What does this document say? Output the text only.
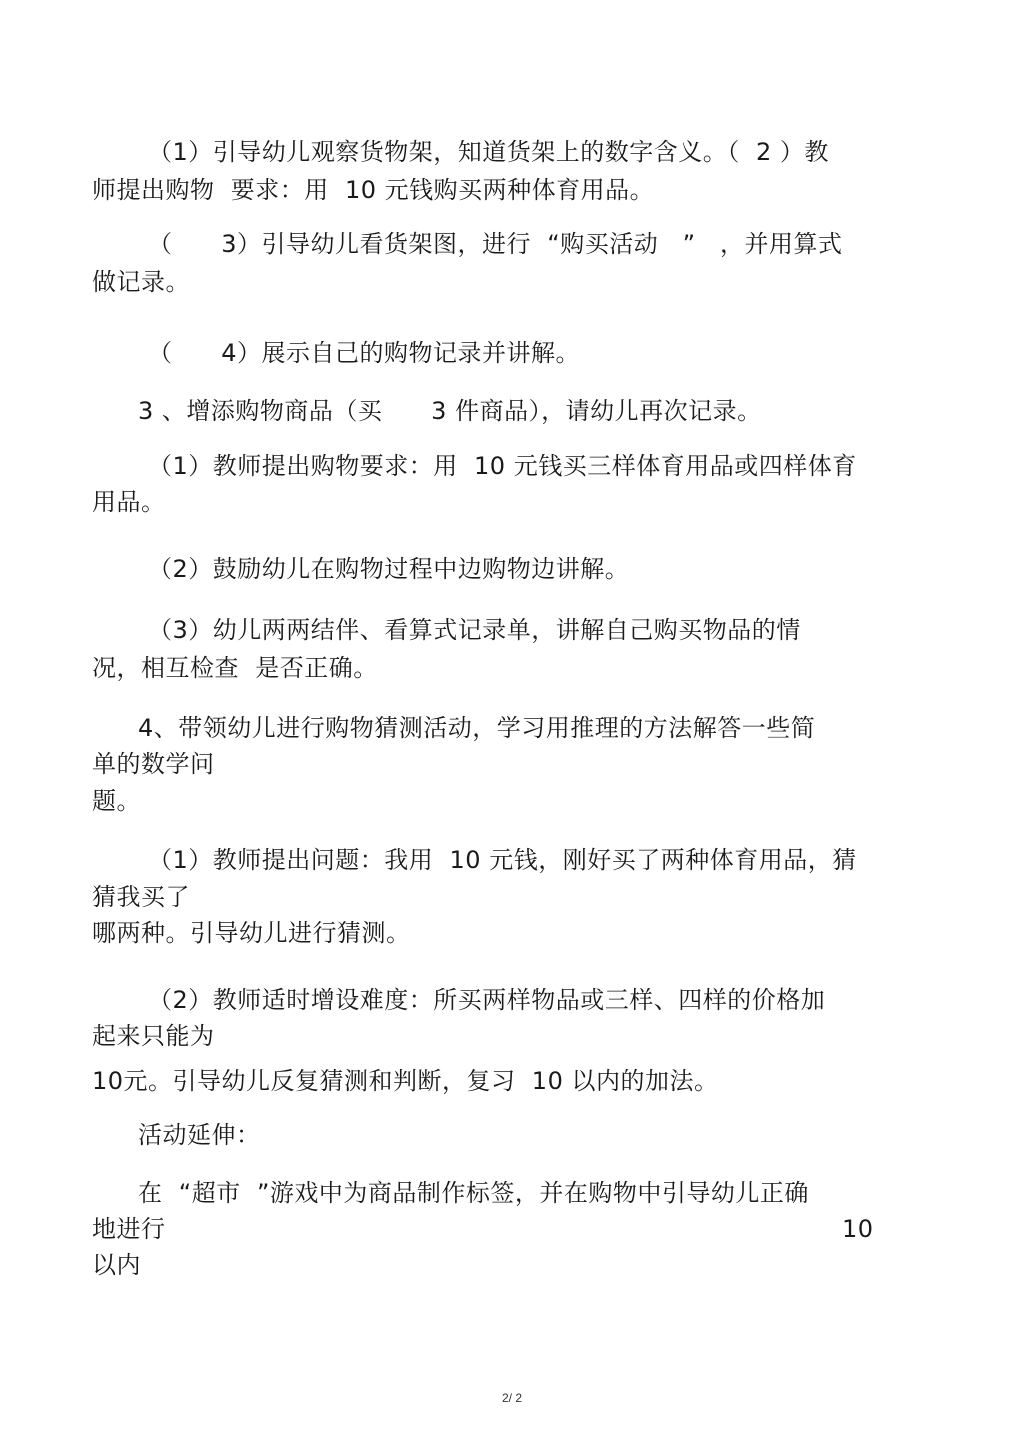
（1）引导幼儿观察货物架，知道货架上的数字含义。（  2 ）教
师提出购物  要求：用  10 元钱购买两种体育用品。
（      3）引导幼儿看货架图，进行  “购买活动   ”   ，并用算式
做记录。
（      4）展示自己的购物记录并讲解。
3 、增添购物商品（买      3 件商品），请幼儿再次记录。
（1）教师提出购物要求：用  10 元钱买三样体育用品或四样体育
用品。
（2）鼓励幼儿在购物过程中边购物边讲解。
（3）幼儿两两结伴、看算式记录单，讲解自己购买物品的情
况，相互检查  是否正确。
4、带领幼儿进行购物猜测活动，学习用推理的方法解答一些简
单的数学问
题。
（1）教师提出问题：我用  10 元钱，刚好买了两种体育用品，猜
猜我买了
哪两种。引导幼儿进行猜测。
（2）教师适时增设难度：所买两样物品或三样、四样的价格加
起来只能为
10元。引导幼儿反复猜测和判断，复习  10 以内的加法。
活动延伸：
在  “超市  ”游戏中为商品制作标签，并在购物中引导幼儿正确
地进行	10
以内
2/ 2
